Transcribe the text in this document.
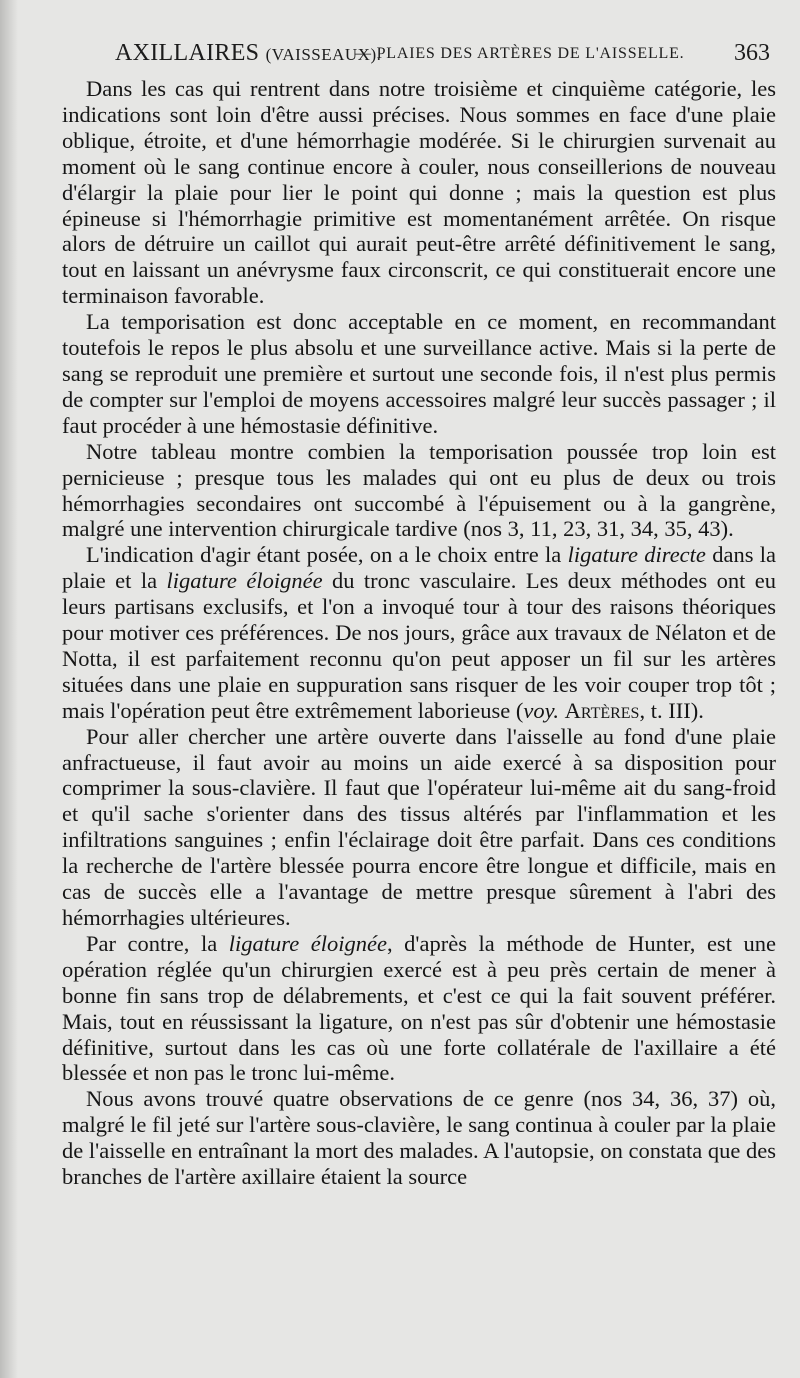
AXILLAIRES (VAISSEAUX).
— PLAIES DES ARTÈRES DE L'AISSELLE. 363

Dans les cas qui rentrent dans notre troisième et cinquième catégorie, les indications sont loin d'être aussi précises. Nous sommes en face d'une plaie oblique, étroite, et d'une hémorrhagie modérée. Si le chirurgien survenait au moment où le sang continue encore à couler, nous conseillerions de nouveau d'élargir la plaie pour lier le point qui donne ; mais la question est plus épineuse si l'hémorrhagie primitive est momentanément arrêtée. On risque alors de détruire un caillot qui aurait peut-être arrêté définitivement le sang, tout en laissant un anévrysme faux circonscrit, ce qui constituerait encore une terminaison favorable.

La temporisation est donc acceptable en ce moment, en recommandant toutefois le repos le plus absolu et une surveillance active. Mais si la perte de sang se reproduit une première et surtout une seconde fois, il n'est plus permis de compter sur l'emploi de moyens accessoires malgré leur succès passager ; il faut procéder à une hémostasie définitive.

Notre tableau montre combien la temporisation poussée trop loin est pernicieuse ; presque tous les malades qui ont eu plus de deux ou trois hémorrhagies secondaires ont succombé à l'épuisement ou à la gangrène, malgré une intervention chirurgicale tardive (nos 3, 11, 23, 31, 34, 35, 43).

L'indication d'agir étant posée, on a le choix entre la ligature directe dans la plaie et la ligature éloignée du tronc vasculaire. Les deux méthodes ont eu leurs partisans exclusifs, et l'on a invoqué tour à tour des raisons théoriques pour motiver ces préférences. De nos jours, grâce aux travaux de Nélaton et de Notta, il est parfaitement reconnu qu'on peut apposer un fil sur les artères situées dans une plaie en suppuration sans risquer de les voir couper trop tôt ; mais l'opération peut être extrêmement laborieuse (voy. Artères, t. III).

Pour aller chercher une artère ouverte dans l'aisselle au fond d'une plaie anfractueuse, il faut avoir au moins un aide exercé à sa disposition pour comprimer la sous-clavière. Il faut que l'opérateur lui-même ait du sang-froid et qu'il sache s'orienter dans des tissus altérés par l'inflammation et les infiltrations sanguines ; enfin l'éclairage doit être parfait. Dans ces conditions la recherche de l'artère blessée pourra encore être longue et difficile, mais en cas de succès elle a l'avantage de mettre presque sûrement à l'abri des hémorrhagies ultérieures.

Par contre, la ligature éloignée, d'après la méthode de Hunter, est une opération réglée qu'un chirurgien exercé est à peu près certain de mener à bonne fin sans trop de délabrements, et c'est ce qui la fait souvent préférer. Mais, tout en réussissant la ligature, on n'est pas sûr d'obtenir une hémostasie définitive, surtout dans les cas où une forte collatérale de l'axillaire a été blessée et non pas le tronc lui-même.

Nous avons trouvé quatre observations de ce genre (nos 34, 36, 37) où, malgré le fil jeté sur l'artère sous-clavière, le sang continua à couler par la plaie de l'aisselle en entraînant la mort des malades. A l'autopsie, on constata que des branches de l'artère axillaire étaient la source
